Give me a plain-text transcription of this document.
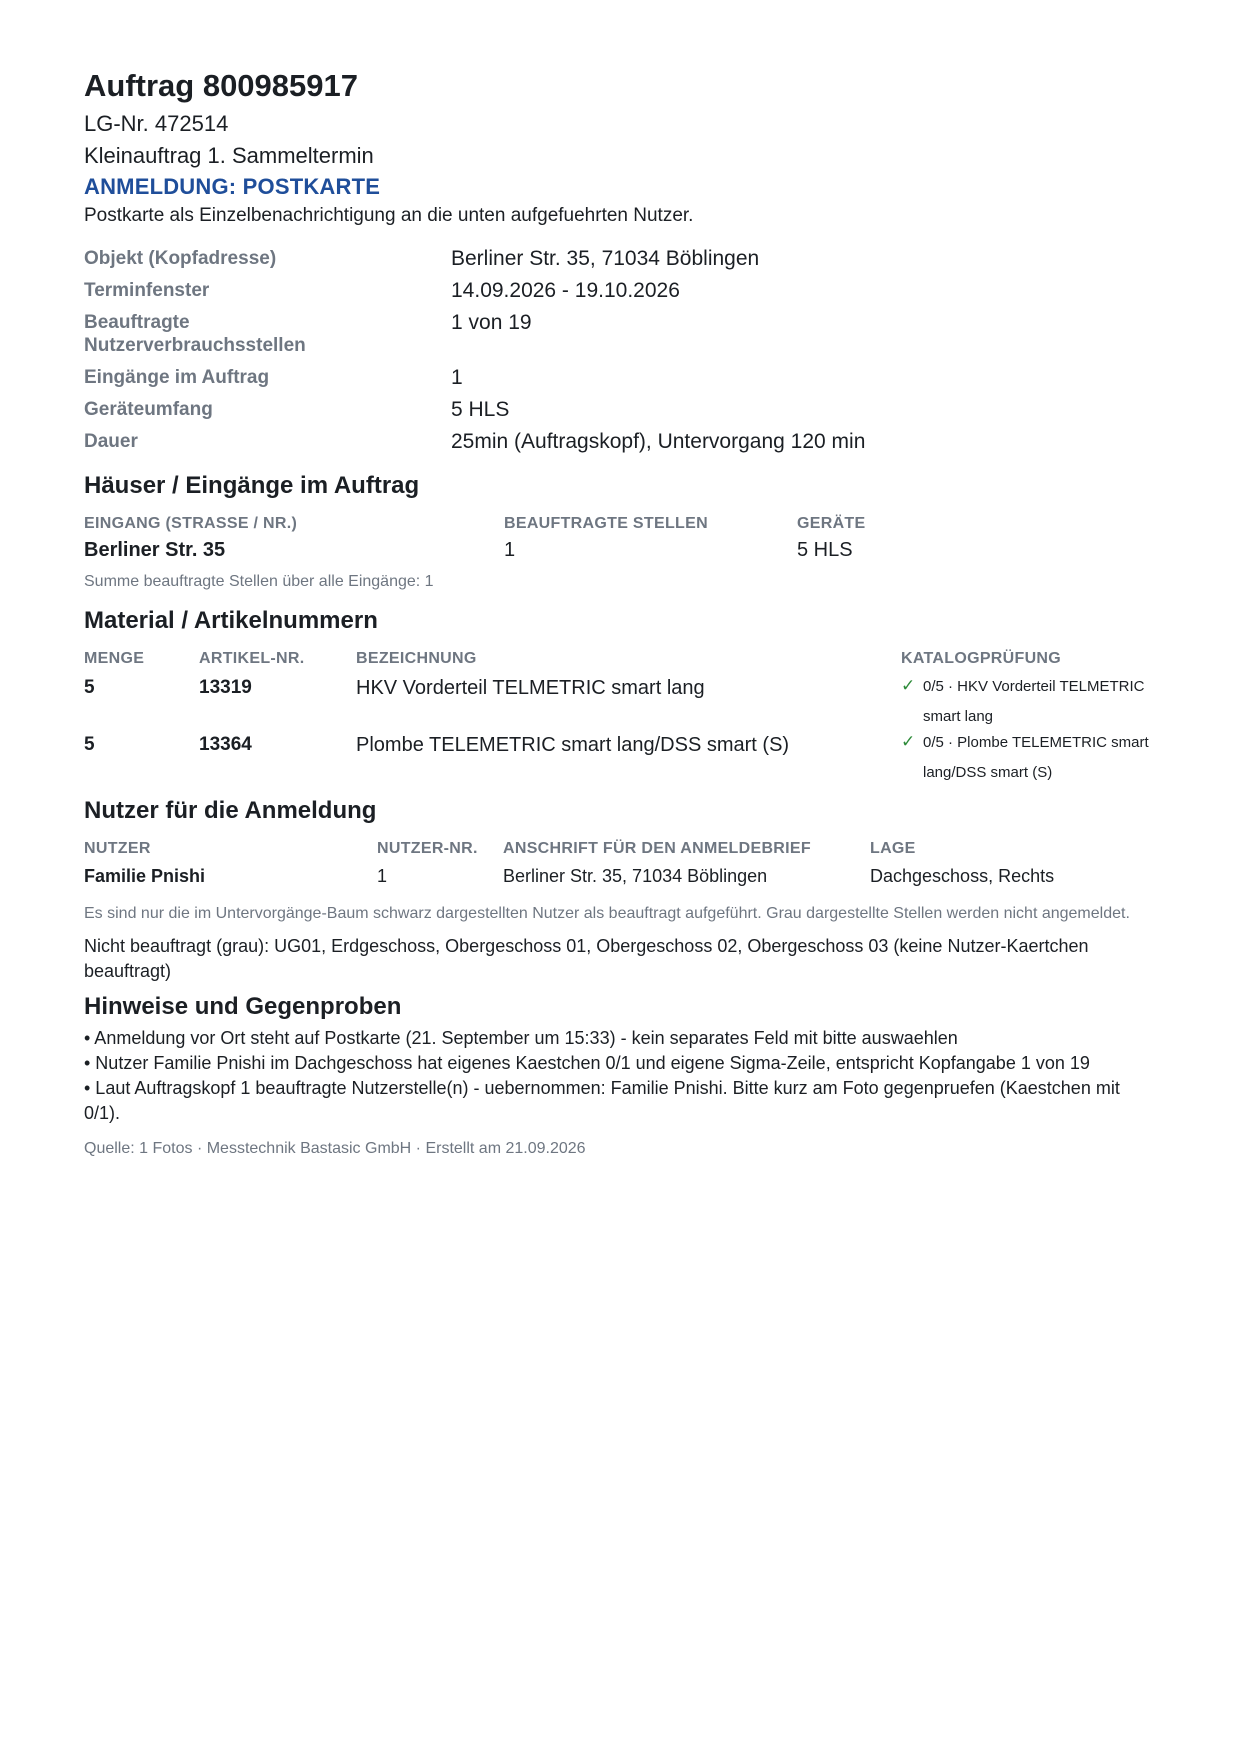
Auftrag 800985917
LG-Nr. 472514
Kleinauftrag 1. Sammeltermin
ANMELDUNG: POSTKARTE
Postkarte als Einzelbenachrichtigung an die unten aufgefuehrten Nutzer.
Objekt (Kopfadresse)	Berliner Str. 35, 71034 Böblingen
Terminfenster	14.09.2026 - 19.10.2026
Beauftragte Nutzerverbrauchsstellen
1 von 19
Eingänge im Auftrag	1
Geräteumfang	5 HLS
Dauer	25min (Auftragskopf), Untervorgang 120 min
Häuser / Eingänge im Auftrag
EINGANG (STRASSE / NR.)	BEAUFTRAGTE STELLEN	GERÄTE
Berliner Str. 35	1	5 HLS
Summe beauftragte Stellen über alle Eingänge: 1
Material / Artikelnummern
MENGE	ARTIKEL-NR.	BEZEICHNUNG	KATALOGPRÜFUNG
5	13319	HKV Vorderteil TELMETRIC smart lang	✓ 0/5 · HKV Vorderteil TELMETRIC
smart lang
5	13364	Plombe TELEMETRIC smart lang/DSS smart (S)	✓ 0/5 · Plombe TELEMETRIC smart
lang/DSS smart (S)
Nutzer für die Anmeldung
NUTZER	NUTZER-NR.	ANSCHRIFT FÜR DEN ANMELDEBRIEF	LAGE
Familie Pnishi	1	Berliner Str. 35, 71034 Böblingen	Dachgeschoss, Rechts
Es sind nur die im Untervorgänge-Baum schwarz dargestellten Nutzer als beauftragt aufgeführt. Grau dargestellte Stellen werden nicht angemeldet.
Nicht beauftragt (grau): UG01, Erdgeschoss, Obergeschoss 01, Obergeschoss 02, Obergeschoss 03 (keine Nutzer-Kaertchen beauftragt)
Hinweise und Gegenproben
• Anmeldung vor Ort steht auf Postkarte (21. September um 15:33) - kein separates Feld mit bitte auswaehlen
• Nutzer Familie Pnishi im Dachgeschoss hat eigenes Kaestchen 0/1 und eigene Sigma-Zeile, entspricht Kopfangabe 1 von 19
• Laut Auftragskopf 1 beauftragte Nutzerstelle(n) - uebernommen: Familie Pnishi. Bitte kurz am Foto gegenpruefen (Kaestchen mit 0/1).
Quelle: 1 Fotos · Messtechnik Bastasic GmbH · Erstellt am 21.09.2026
